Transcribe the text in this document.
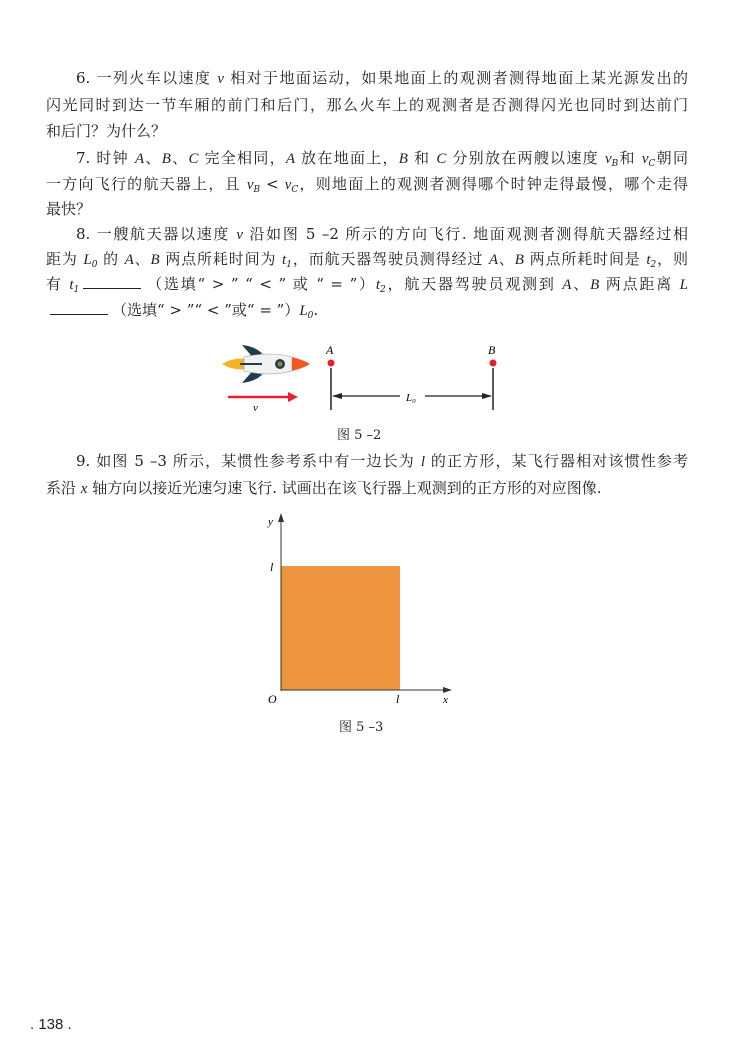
6. 一列火车以速度 v 相对于地面运动，如果地面上的观测者测得地面上某光源发出的
闪光同时到达一节车厢的前门和后门，那么火车上的观测者是否测得闪光也同时到达前门
和后门？为什么？
7. 时钟 A、B、C 完全相同，A 放在地面上，B 和 C 分别放在两艘以速度 $v_B$和 $v_C$朝同
一方向飞行的航天器上，且 $v_B < v_C$，则地面上的观测者测得哪个时钟走得最慢，哪个走得
最快？
8. 一艘航天器以速度 v 沿如图 5 –2 所示的方向飞行. 地面观测者测得航天器经过相
距为 $L_0$ 的 A、B 两点所耗时间为 $t_1$，而航天器驾驶员测得经过 A、B 两点所耗时间是 $t_2$，则
有 $t_1$	（选填“ > ” “ < ” 或 “ = $”)t_2$，航天器驾驶员观测到 A、B 两点距离 L
（选填“ > ”“ < ”或“ = $”)L_0$.
9. 如图 5 –3 所示，某惯性参考系中有一边长为 l 的正方形，某飞行器相对该惯性参考
系沿 x 轴方向以接近光速匀速飞行. 试画出在该飞行器上观测到的正方形的对应图像.
v
A	B
L₀
图 5 –2
y
l
O	l	x
图 5 –3
. 138 .
